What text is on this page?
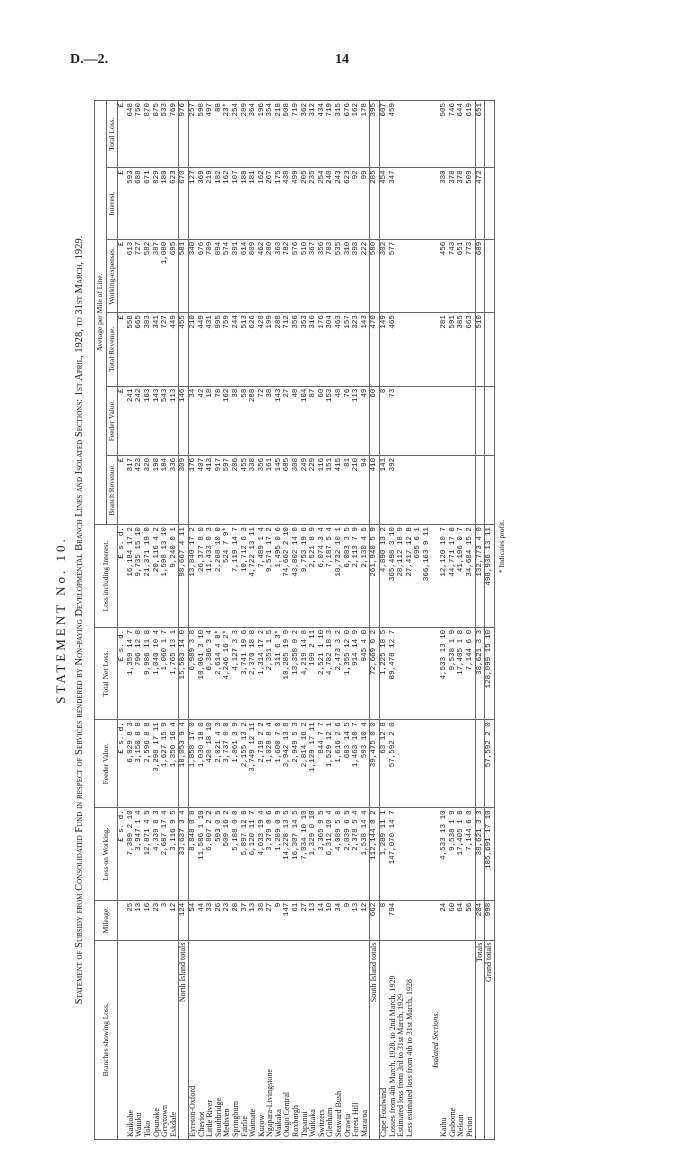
D.—2.	14
STATEMENT No. 10. Statement of Subsidy from Consolidated Fund in respect of Services rendered by Non-paying Developmental Branch Lines and Isolated Sections: 1st April, 1928, to 31st March, 1929.
Branches showing Loss.	Mileage.	Loss on Working.	Feeder Value.	Total Net Loss.	Loss including Interest.	Average per Mile of Line.					
						Branch Revenue.	Feeder Value.	Total Revenue.	Working-expenses.	Interest.	Total Loss.
		£ s. d.	£ s. d.	£ s. d.	£ s. d.	£	£	£	£	£	£
Kaikohe	25	7,389 2 10	6,029 8 3	1,359 14 7	16,184 17 2	317	241	558	613	593	648
Waiuku	13	3,947 1 4	3,150 8 8	796 12 8	9,735 15 10	423	242	665	727	688	750
Toko	16	12,871 4 5	2,596 8 8	9,986 11 8	21,371 19 0	320	163	383	582	671	870
Opunake	23	4,339 8 3	3,298 17 11	1,040 10 4	20,116 4 2	198	143	341	387	829	875
Greytown	3	2,687 17 4	1,627 15 9	1,060 1 7	1,598 13 10	184	543	727	1,080	180	533
Eskdale	12	3,116 9 5	1,350 16 4	1,765 13 1	9,240 0 1	336	113	449	695	623	769
North Island totals	124	33,637 3 4	18,053 9 4	15,583 14 0	98,667 4 11	309	146	455	581	670	976
Eyreton-Oxford	54	8,848 0 8	1,858 17 0	6,989 3 8	13,840 17 2	176	34	210	340	127	257
Cheviot	44	11,586 1 10	1,030 18 0	10,061 3 10	26,377 8 0	407	42	449	676	369	598
Little River	33	6,807 2 2	420 18 10	6,386 3 4	11,433 0 3	413	18	431	709	219	497
Southbridge	26	593 0 5	2,021 4 3	2,614 4 8*	2,288 10 0	917	78	995	894	182	88
Methven	23	509 16 2	3,737 0 0	4,246 16 2*	524 7 9*	597	162	759	574	162	23*
Springburn	28	5,188 0 0	1,061 3 9	4,127 3 3	7,119 14 7	206	38	244	391	107	254
Fairlie	37	5,897 12 8	2,155 13 2	3,741 19 6	10,712 6 3	455	58	513	614	188	289
Waimate	13	6,120 11 7	3,749 12 11	2,370 18 8	4,722 13 11	338	288	626	809	181	364
Kurow	38	4,033 19 4	2,719 2 2	1,314 17 2	7,489 1 4	356	72	428	462	162	196
Ngapara-Livingstone	27	3,379 0 6	1,028 8 4	2,351 1 5	9,571 17 2	161	38	199	280	267	354
Waikaka	9	1,289 0 9	1,600 7 0	311 6 3*	1,495 0 6	145	143	288	363	175	218
Otago Central	147	14,228 13 5	3,942 13 8	10,285 19 9	74,662 2 10	685	27	712	782	438	508
Roxburgh	61	16,307 14 5	2,949 5 3	13,358 9 2	43,802 14 0	308	48	356	576	499	719
Tapanui	27	7,034 10 10	2,814 16 2	4,219 14 8	9,753 19 6	249	104	353	510	205	362
Waikaka	13	1,329 0 10	1,129 17 11	199 2 11	2,521 8 9	229	87	316	367	235	312
Switzers	14	3,365 9 5	844 7 7	2,521 1 10	6,074 3 4	116	60	176	356	254	434
Glenham	10	6,312 10 4	1,529 12 1	4,782 18 3	7,187 5 4	151	153	304	783	240	719
Seaward Bush	34	4,089 5 8	1,616 2 6	2,473 3 2	10,732 10 1	415	48	463	535	243	315
Orawia	9	2,039 6 5	683 14 5	1,355 12 0	6,083 3 5	81	76	157	310	623	676
Forest Hill	13	2,378 5 4	1,463 10 7	914 14 9	2,113 7 9	210	113	323	393	92	162
Mararoa	12	1,538 14 4	593 10 4	945 4 0	2,130 4 5	94	49	143	222	99	178
South Island totals	662	112,144 0 2	39,475 0 0	72,669 0 2	261,940 5 9	410	60	470	580	285	395
Cape Foulwind	8	1,289 11 1	63 12 8	1,225 18 5	4,890 13 2	141	8	149	302	454	607
Losses from 4th March, 1928, to 2nd March, 1929	794	147,070 14 7	57,592 2 0	89,478 12 7	365,498 3 10	392	73	465	577	347	459
Estimated loss from 3rd to 31st March, 1929					28,112 18 9						
Less estimated loss from 4th to 31st March, 1928					27,417 12 8						
					695 6 1						
					366,163 9 11						
Isolated Sections.											
Kaihu	24	4,533 13 10		4,533 13 10	12,120 10 7			281	456	330	505
Gisborne	60	9,538 1 9		9,538 1 9	44,771 17 8			591	743	378	746
Nelson	64	17,405 1 8		17,405 1 8	41,196 0 7			385	651	378	644
Picton	56	7,144 6 0		7,144 6 0	34,684 15 2			663	773	509	619
Totals	204	38,621 3 3		38,621 3 3	132,773 4 0			510	689	472	651
Grand totals	998	185,691 17 10	57,592 2 0	128,099 15 10	498,936 13 11						* Indicates profit.
